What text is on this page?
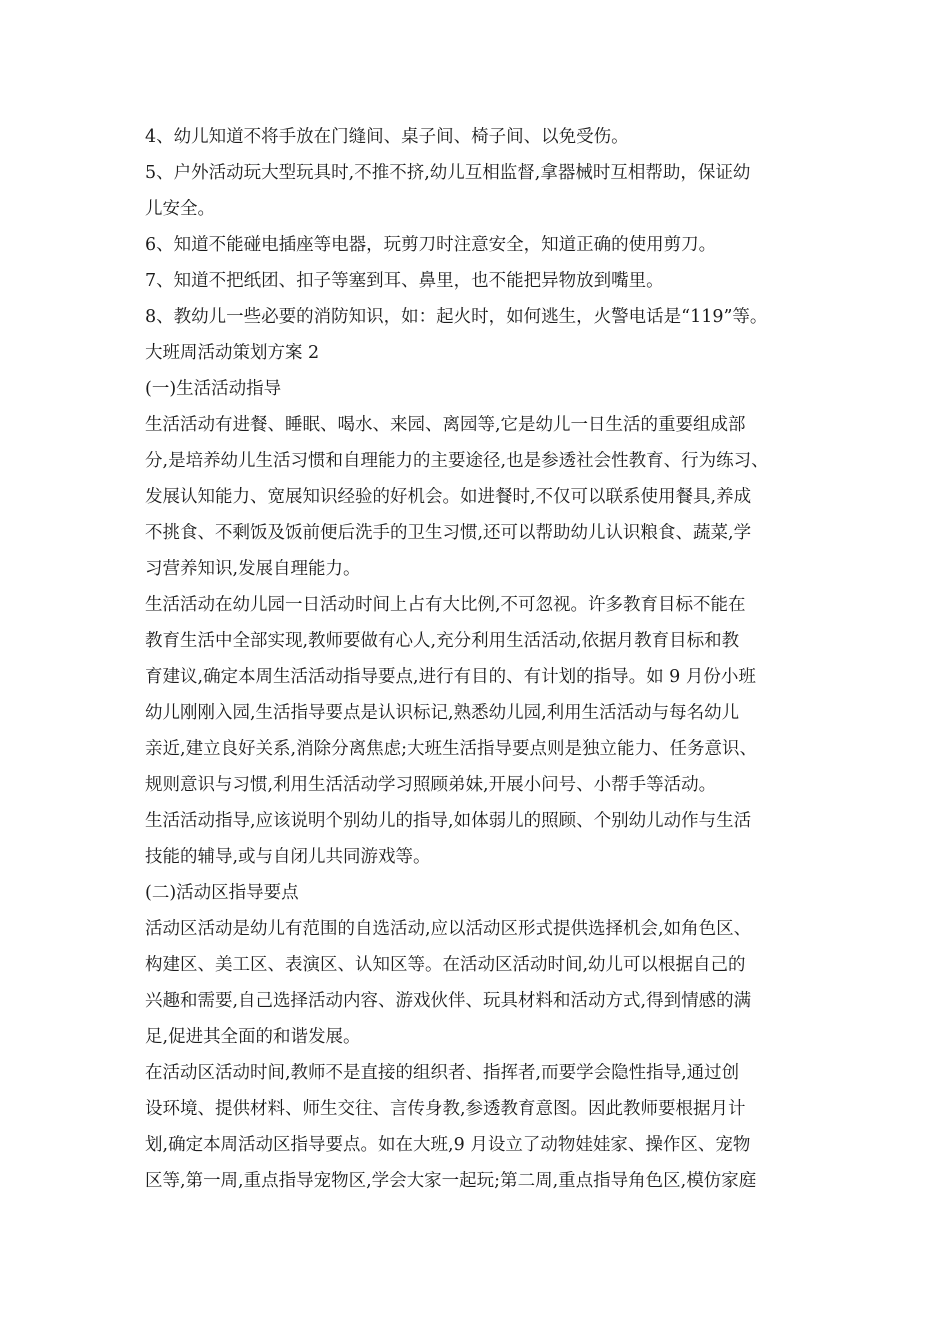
4、幼儿知道不将手放在门缝间、桌子间、椅子间、以免受伤。
5、户外活动玩大型玩具时,不推不挤,幼儿互相监督,拿器械时互相帮助，保证幼
儿安全。
6、知道不能碰电插座等电器，玩剪刀时注意安全，知道正确的使用剪刀。
7、知道不把纸团、扣子等塞到耳、鼻里，也不能把异物放到嘴里。
8、教幼儿一些必要的消防知识，如：起火时，如何逃生，火警电话是“119”等。
大班周活动策划方案 2
(一)生活活动指导
生活活动有进餐、睡眠、喝水、来园、离园等,它是幼儿一日生活的重要组成部
分,是培养幼儿生活习惯和自理能力的主要途径,也是参透社会性教育、行为练习、
发展认知能力、宽展知识经验的好机会。如进餐时,不仅可以联系使用餐具,养成
不挑食、不剩饭及饭前便后洗手的卫生习惯,还可以帮助幼儿认识粮食、蔬菜,学
习营养知识,发展自理能力。
生活活动在幼儿园一日活动时间上占有大比例,不可忽视。许多教育目标不能在
教育生活中全部实现,教师要做有心人,充分利用生活活动,依据月教育目标和教
育建议,确定本周生活活动指导要点,进行有目的、有计划的指导。如 9 月份小班
幼儿刚刚入园,生活指导要点是认识标记,熟悉幼儿园,利用生活活动与每名幼儿
亲近,建立良好关系,消除分离焦虑;大班生活指导要点则是独立能力、任务意识、
规则意识与习惯,利用生活活动学习照顾弟妹,开展小问号、小帮手等活动。
生活活动指导,应该说明个别幼儿的指导,如体弱儿的照顾、个别幼儿动作与生活
技能的辅导,或与自闭儿共同游戏等。
(二)活动区指导要点
活动区活动是幼儿有范围的自选活动,应以活动区形式提供选择机会,如角色区、
构建区、美工区、表演区、认知区等。在活动区活动时间,幼儿可以根据自己的
兴趣和需要,自己选择活动内容、游戏伙伴、玩具材料和活动方式,得到情感的满
足,促进其全面的和谐发展。
在活动区活动时间,教师不是直接的组织者、指挥者,而要学会隐性指导,通过创
设环境、提供材料、师生交往、言传身教,参透教育意图。因此教师要根据月计
划,确定本周活动区指导要点。如在大班,9 月设立了动物娃娃家、操作区、宠物
区等,第一周,重点指导宠物区,学会大家一起玩;第二周,重点指导角色区,模仿家庭
